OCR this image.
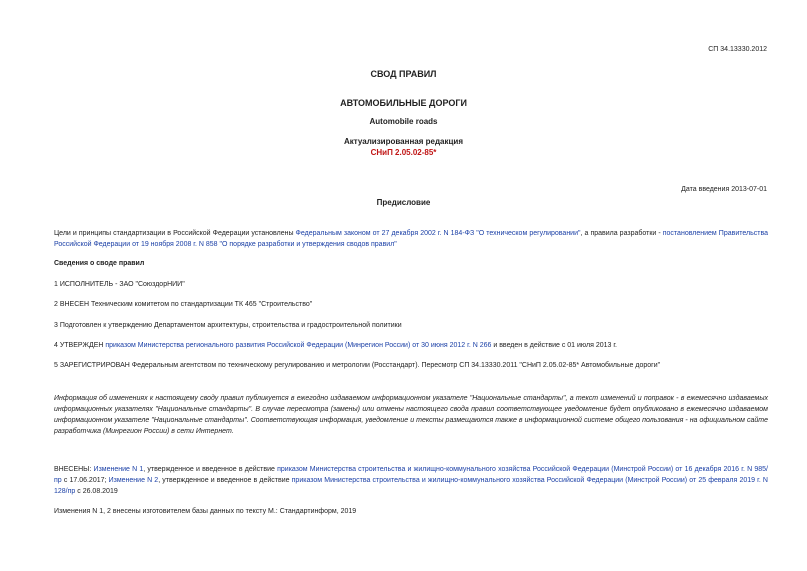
СП 34.13330.2012
СВОД ПРАВИЛ
АВТОМОБИЛЬНЫЕ ДОРОГИ
Automobile roads
Актуализированная редакция
СНиП 2.05.02-85*
Дата введения 2013-07-01
Предисловие
Цели и принципы стандартизации в Российской Федерации установлены Федеральным законом от 27 декабря 2002 г. N 184-ФЗ "О техническом регулировании", а правила разработки - постановлением Правительства Российской Федерации от 19 ноября 2008 г. N 858 "О порядке разработки и утверждения сводов правил"
Сведения о своде правил
1 ИСПОЛНИТЕЛЬ - ЗАО "СоюздорНИИ"
2 ВНЕСЕН Техническим комитетом по стандартизации ТК 465 "Строительство"
3 Подготовлен к утверждению Департаментом архитектуры, строительства и градостроительной политики
4 УТВЕРЖДЕН приказом Министерства регионального развития Российской Федерации (Минрегион России) от 30 июня 2012 г. N 266 и введен в действие с 01 июля 2013 г.
5 ЗАРЕГИСТРИРОВАН Федеральным агентством по техническому регулированию и метрологии (Росстандарт). Пересмотр СП 34.13330.2011 "СНиП 2.05.02-85* Автомобильные дороги"
Информация об изменениях к настоящему своду правил публикуется в ежегодно издаваемом информационном указателе "Национальные стандарты", а текст изменений и поправок - в ежемесячно издаваемых информационных указателях "Национальные стандарты". В случае пересмотра (замены) или отмены настоящего свода правил соответствующее уведомление будет опубликовано в ежемесячно издаваемом информационном указателе "Национальные стандарты". Соответствующая информация, уведомление и тексты размещаются также в информационной системе общего пользования - на официальном сайте разработчика (Минрегион России) в сети Интернет.
ВНЕСЕНЫ: Изменение N 1, утвержденное и введенное в действие приказом Министерства строительства и жилищно-коммунального хозяйства Российской Федерации (Минстрой России) от 16 декабря 2016 г. N 985/пр с 17.06.2017; Изменение N 2, утвержденное и введенное в действие приказом Министерства строительства и жилищно-коммунального хозяйства Российской Федерации (Минстрой России) от 25 февраля 2019 г. N 128/пр с 26.08.2019
Изменения N 1, 2 внесены изготовителем базы данных по тексту М.: Стандартинформ, 2019
